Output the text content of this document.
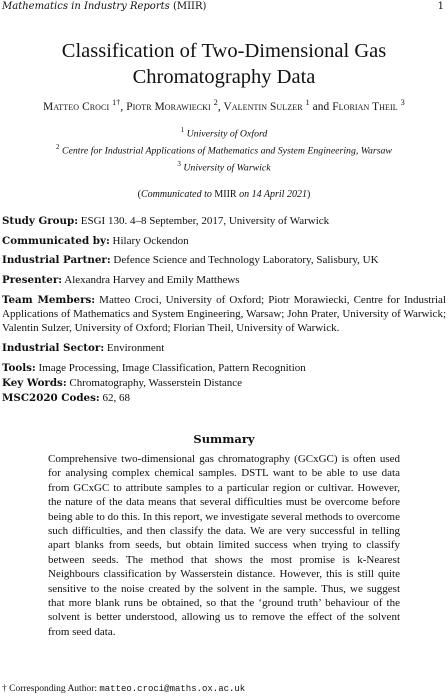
Mathematics in Industry Reports (MIIR)	1
Classification of Two-Dimensional Gas
Chromatography Data
Matteo Croci $^{1\dagger}$, Piotr Morawiecki $^2$, Valentin Sulzer $^1$ and Florian Theil $^3$
$^1$ University of Oxford
$^2$ Centre for Industrial Applications of Mathematics and System Engineering, Warsaw
$^3$ University of Warwick
(Communicated to MIIR on 14 April 2021)

Study Group: ESGI 130. 4–8 September, 2017, University of Warwick

Communicated by: Hilary Ockendon

Industrial Partner: Defence Science and Technology Laboratory, Salisbury, UK

Presenter: Alexandra Harvey and Emily Matthews

Team Members: Matteo Croci, University of Oxford; Piotr Morawiecki, Centre for Industrial Applications of Mathematics and System Engineering, Warsaw; John Prater, University of Warwick; Valentin Sulzer, University of Oxford; Florian Theil, University of Warwick.

Industrial Sector: Environment

Tools: Image Processing, Image Classification, Pattern Recognition

Key Words: Chromatography, Wasserstein Distance

MSC2020 Codes: 62, 68

Summary
Comprehensive two-dimensional gas chromatography (GCxGC) is often used for analysing complex chemical samples. DSTL want to be able to use data from GCxGC to attribute samples to a particular region or cultivar. However, the nature of the data means that several difficulties must be overcome before being able to do this. In this report, we investigate several methods to overcome such difficulties, and then classify the data. We are very successful in telling apart blanks from seeds, but obtain limited success when trying to classify between seeds. The method that shows the most promise is k-Nearest Neighbours classification by Wasserstein distance. However, this is still quite sensitive to the noise created by the solvent in the sample. Thus, we suggest that more blank runs be obtained, so that the ‘ground truth’ behaviour of the solvent is better understood, allowing us to remove the effect of the solvent from seed data.
† Corresponding Author: matteo.croci@maths.ox.ac.uk
